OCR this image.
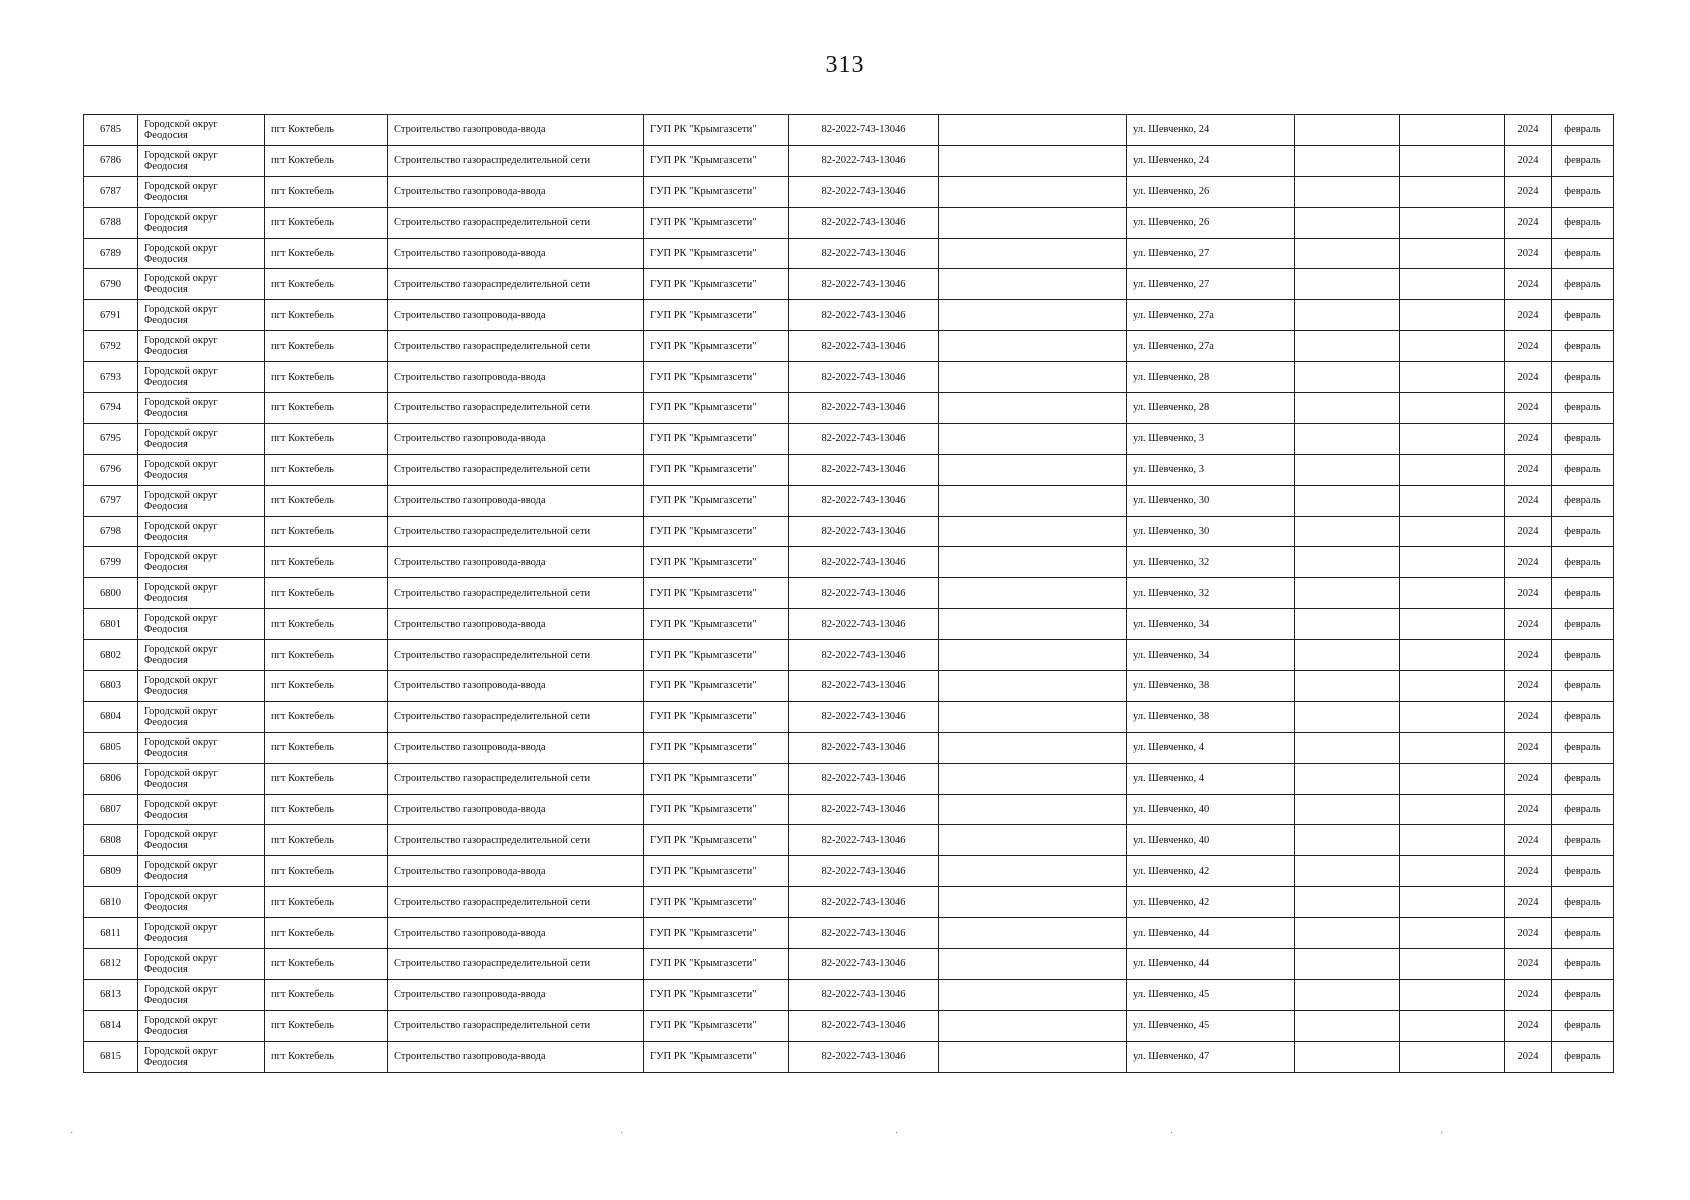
313
6785	Городской округ Феодосия	пгт Коктебель	Строительство газопровода-ввода	ГУП РК "Крымгазсети"	82-2022-743-13046		ул. Шевченко, 24			2024	февраль
6786	Городской округ Феодосия	пгт Коктебель	Строительство газораспределительной сети	ГУП РК "Крымгазсети"	82-2022-743-13046		ул. Шевченко, 24			2024	февраль
6787	Городской округ Феодосия	пгт Коктебель	Строительство газопровода-ввода	ГУП РК "Крымгазсети"	82-2022-743-13046		ул. Шевченко, 26			2024	февраль
6788	Городской округ Феодосия	пгт Коктебель	Строительство газораспределительной сети	ГУП РК "Крымгазсети"	82-2022-743-13046		ул. Шевченко, 26			2024	февраль
6789	Городской округ Феодосия	пгт Коктебель	Строительство газопровода-ввода	ГУП РК "Крымгазсети"	82-2022-743-13046		ул. Шевченко, 27			2024	февраль
6790	Городской округ Феодосия	пгт Коктебель	Строительство газораспределительной сети	ГУП РК "Крымгазсети"	82-2022-743-13046		ул. Шевченко, 27			2024	февраль
6791	Городской округ Феодосия	пгт Коктебель	Строительство газопровода-ввода	ГУП РК "Крымгазсети"	82-2022-743-13046		ул. Шевченко, 27а			2024	февраль
6792	Городской округ Феодосия	пгт Коктебель	Строительство газораспределительной сети	ГУП РК "Крымгазсети"	82-2022-743-13046		ул. Шевченко, 27а			2024	февраль
6793	Городской округ Феодосия	пгт Коктебель	Строительство газопровода-ввода	ГУП РК "Крымгазсети"	82-2022-743-13046		ул. Шевченко, 28			2024	февраль
6794	Городской округ Феодосия	пгт Коктебель	Строительство газораспределительной сети	ГУП РК "Крымгазсети"	82-2022-743-13046		ул. Шевченко, 28			2024	февраль
6795	Городской округ Феодосия	пгт Коктебель	Строительство газопровода-ввода	ГУП РК "Крымгазсети"	82-2022-743-13046		ул. Шевченко, 3			2024	февраль
6796	Городской округ Феодосия	пгт Коктебель	Строительство газораспределительной сети	ГУП РК "Крымгазсети"	82-2022-743-13046		ул. Шевченко, 3			2024	февраль
6797	Городской округ Феодосия	пгт Коктебель	Строительство газопровода-ввода	ГУП РК "Крымгазсети"	82-2022-743-13046		ул. Шевченко, 30			2024	февраль
6798	Городской округ Феодосия	пгт Коктебель	Строительство газораспределительной сети	ГУП РК "Крымгазсети"	82-2022-743-13046		ул. Шевченко, 30			2024	февраль
6799	Городской округ Феодосия	пгт Коктебель	Строительство газопровода-ввода	ГУП РК "Крымгазсети"	82-2022-743-13046		ул. Шевченко, 32			2024	февраль
6800	Городской округ Феодосия	пгт Коктебель	Строительство газораспределительной сети	ГУП РК "Крымгазсети"	82-2022-743-13046		ул. Шевченко, 32			2024	февраль
6801	Городской округ Феодосия	пгт Коктебель	Строительство газопровода-ввода	ГУП РК "Крымгазсети"	82-2022-743-13046		ул. Шевченко, 34			2024	февраль
6802	Городской округ Феодосия	пгт Коктебель	Строительство газораспределительной сети	ГУП РК "Крымгазсети"	82-2022-743-13046		ул. Шевченко, 34			2024	февраль
6803	Городской округ Феодосия	пгт Коктебель	Строительство газопровода-ввода	ГУП РК "Крымгазсети"	82-2022-743-13046		ул. Шевченко, 38			2024	февраль
6804	Городской округ Феодосия	пгт Коктебель	Строительство газораспределительной сети	ГУП РК "Крымгазсети"	82-2022-743-13046		ул. Шевченко, 38			2024	февраль
6805	Городской округ Феодосия	пгт Коктебель	Строительство газопровода-ввода	ГУП РК "Крымгазсети"	82-2022-743-13046		ул. Шевченко, 4			2024	февраль
6806	Городской округ Феодосия	пгт Коктебель	Строительство газораспределительной сети	ГУП РК "Крымгазсети"	82-2022-743-13046		ул. Шевченко, 4			2024	февраль
6807	Городской округ Феодосия	пгт Коктебель	Строительство газопровода-ввода	ГУП РК "Крымгазсети"	82-2022-743-13046		ул. Шевченко, 40			2024	февраль
6808	Городской округ Феодосия	пгт Коктебель	Строительство газораспределительной сети	ГУП РК "Крымгазсети"	82-2022-743-13046		ул. Шевченко, 40			2024	февраль
6809	Городской округ Феодосия	пгт Коктебель	Строительство газопровода-ввода	ГУП РК "Крымгазсети"	82-2022-743-13046		ул. Шевченко, 42			2024	февраль
6810	Городской округ Феодосия	пгт Коктебель	Строительство газораспределительной сети	ГУП РК "Крымгазсети"	82-2022-743-13046		ул. Шевченко, 42			2024	февраль
6811	Городской округ Феодосия	пгт Коктебель	Строительство газопровода-ввода	ГУП РК "Крымгазсети"	82-2022-743-13046		ул. Шевченко, 44			2024	февраль
6812	Городской округ Феодосия	пгт Коктебель	Строительство газораспределительной сети	ГУП РК "Крымгазсети"	82-2022-743-13046		ул. Шевченко, 44			2024	февраль
6813	Городской округ Феодосия	пгт Коктебель	Строительство газопровода-ввода	ГУП РК "Крымгазсети"	82-2022-743-13046		ул. Шевченко, 45			2024	февраль
6814	Городской округ Феодосия	пгт Коктебель	Строительство газораспределительной сети	ГУП РК "Крымгазсети"	82-2022-743-13046		ул. Шевченко, 45			2024	февраль
6815	Городской округ Феодосия	пгт Коктебель	Строительство газопровода-ввода	ГУП РК "Крымгазсети"	82-2022-743-13046		ул. Шевченко, 47			2024	февраль
·	·	·	·	·
